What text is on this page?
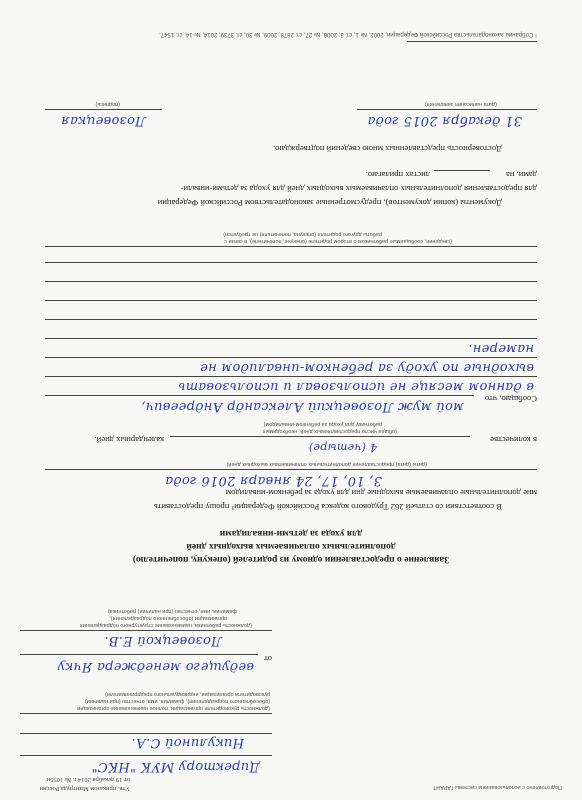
Подготовлено с использованием системы ГАРАНТ
Утв. приказом Минтруда России
от 19 декабря 2014 г. № 1055н
Директору МУК "НКС"
Никулиной С.А.
(должность руководителя организации, полное наименование организации
(обособленного подразделения), фамилия, имя, отчество (при наличии)
руководителя организации, индивидуального предпринимателя)
от
ведущего менеджера Ячку
Лозовецкой Е.В.
(должность работника, наименование структурного подразделения
организации (обособленного подразделения),
фамилия, имя, отчество (при наличии) работника)
Заявление о предоставлении одному из родителей (опекуну, попечителю)
дополнительных оплачиваемых выходных дней
для ухода за детьми-инвалидами
В соответствии со статьей 262 Трудового кодекса Российской Федерации¹ прошу предоставить
мне дополнительные оплачиваемые выходные дни для ухода за ребенком-инвалидом
3, 10, 17, 24 января 2016 года
(даты (дата) предоставления дополнительных оплачиваемых выходных дней)
в количестве
4 (четыре)
календарных дней.
(общее число предоставляемых дней, необходимых
работнику для ухода за ребенком-инвалидом)
Сообщаю, что
мой муж Лозовецкий Александр Андреевич,
в данном месяце не использовал и использовать
выходные по уходу за ребенком-инвалидом не
намерен.
(сведения, сообщаемые работником о втором родителе (опекуне, попечителе), в связи с
работы другого родителя (опекуна, попечителя) не требуется)
Документы (копии документов), предусмотренные законодательством Российской Федерации
для предоставления дополнительных оплачиваемых выходных дней для ухода за детьми-инвали-
дами, на
листах прилагаю.
Достоверность представленных мною сведений подтверждаю.
31 декабря 2015 года
(дата написания заявления)
Лозовецкая
(подпись)
¹ Собрание законодательства Российской Федерации, 2002, № 1, ст. 3; 2006, № 27, ст. 2878; 2009, № 30, ст. 3739; 2014, № 14, ст. 1547.
